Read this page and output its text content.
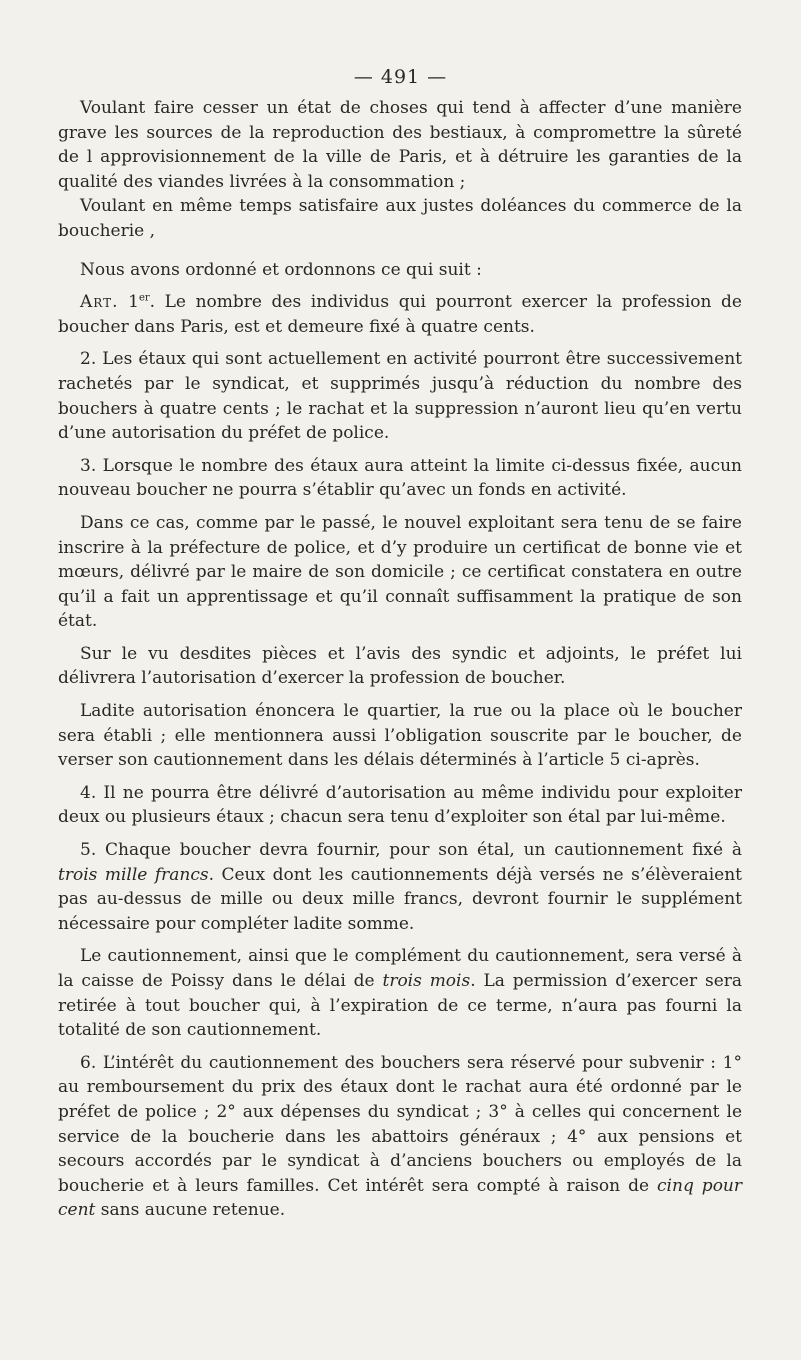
— 491 —

Voulant faire cesser un état de choses qui tend à affecter d’une manière grave les sources de la reproduction des bestiaux, à compromettre la sûreté de l approvisionnement de la ville de Paris, et à détruire les garanties de la qualité des viandes livrées à la consommation ;

Voulant en même temps satisfaire aux justes doléances du commerce de la boucherie ,

Nous avons ordonné et ordonnons ce qui suit :

Art. 1er. Le nombre des individus qui pourront exercer la profession de boucher dans Paris, est et demeure fixé à quatre cents.

2. Les étaux qui sont actuellement en activité pourront être successivement rachetés par le syndicat, et supprimés jusqu’à réduction du nombre des bouchers à quatre cents ; le rachat et la suppression n’auront lieu qu’en vertu d’une autorisation du préfet de police.

3. Lorsque le nombre des étaux aura atteint la limite ci-dessus fixée, aucun nouveau boucher ne pourra s’établir qu’avec un fonds en activité.

Dans ce cas, comme par le passé, le nouvel exploitant sera tenu de se faire inscrire à la préfecture de police, et d’y produire un certificat de bonne vie et mœurs, délivré par le maire de son domicile ; ce certificat constatera en outre qu’il a fait un apprentissage et qu’il connaît suffisamment la pratique de son état.

Sur le vu desdites pièces et l’avis des syndic et adjoints, le préfet lui délivrera l’autorisation d’exercer la profession de boucher.

Ladite autorisation énoncera le quartier, la rue ou la place où le boucher sera établi ; elle mentionnera aussi l’obligation souscrite par le boucher, de verser son cautionnement dans les délais déterminés à l’article 5 ci-après.

4. Il ne pourra être délivré d’autorisation au même individu pour exploiter deux ou plusieurs étaux ; chacun sera tenu d’exploiter son étal par lui-même.

5. Chaque boucher devra fournir, pour son étal, un cautionnement fixé à trois mille francs. Ceux dont les cautionnements déjà versés ne s’élèveraient pas au-dessus de mille ou deux mille francs, devront fournir le supplément nécessaire pour compléter ladite somme.

Le cautionnement, ainsi que le complément du cautionnement, sera versé à la caisse de Poissy dans le délai de trois mois. La permission d’exercer sera retirée à tout boucher qui, à l’expiration de ce terme, n’aura pas fourni la totalité de son cautionnement.

6. L’intérêt du cautionnement des bouchers sera réservé pour subvenir : 1° au remboursement du prix des étaux dont le rachat aura été ordonné par le préfet de police ; 2° aux dépenses du syndicat ; 3° à celles qui concernent le service de la boucherie dans les abattoirs généraux ; 4° aux pensions et secours accordés par le syndicat à d’anciens bouchers ou employés de la boucherie et à leurs familles. Cet intérêt sera compté à raison de cinq pour cent sans aucune retenue.
